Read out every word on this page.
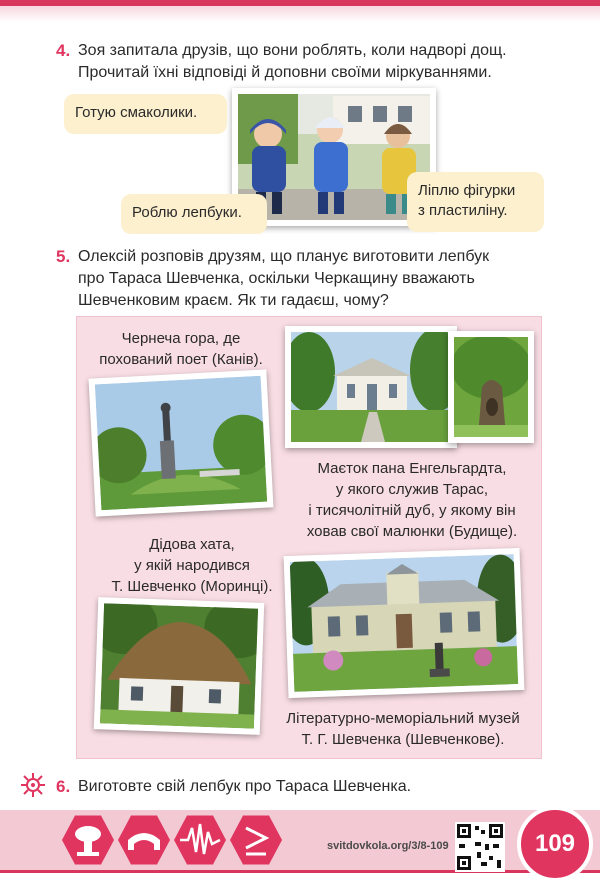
4. Зоя запитала друзів, що вони роблять, коли надворі дощ.
Прочитай їхні відповіді й доповни своїми міркуваннями.
Готую смаколики.
Роблю лепбуки.
Ліплю фігурки
з пластиліну.
5. Олексій розповів друзям, що планує виготовити лепбук
про Тараса Шевченка, оскільки Черкащину вважають
Шевченковим краєм. Як ти гадаєш, чому?
Чернеча гора, де
похований поет (Канів).
Маєток пана Енгельгардта,
у якого служив Тарас,
і тисячолітній дуб, у якому він
ховав свої малюнки (Будище).
Дідова хата,
у якій народився
Т. Шевченко (Моринці).
Літературно-меморіальний музей
Т. Г. Шевченка (Шевченкове).
6. Виготовте свій лепбук про Тараса Шевченка.
svitdovkola.org/3/8-109	109
